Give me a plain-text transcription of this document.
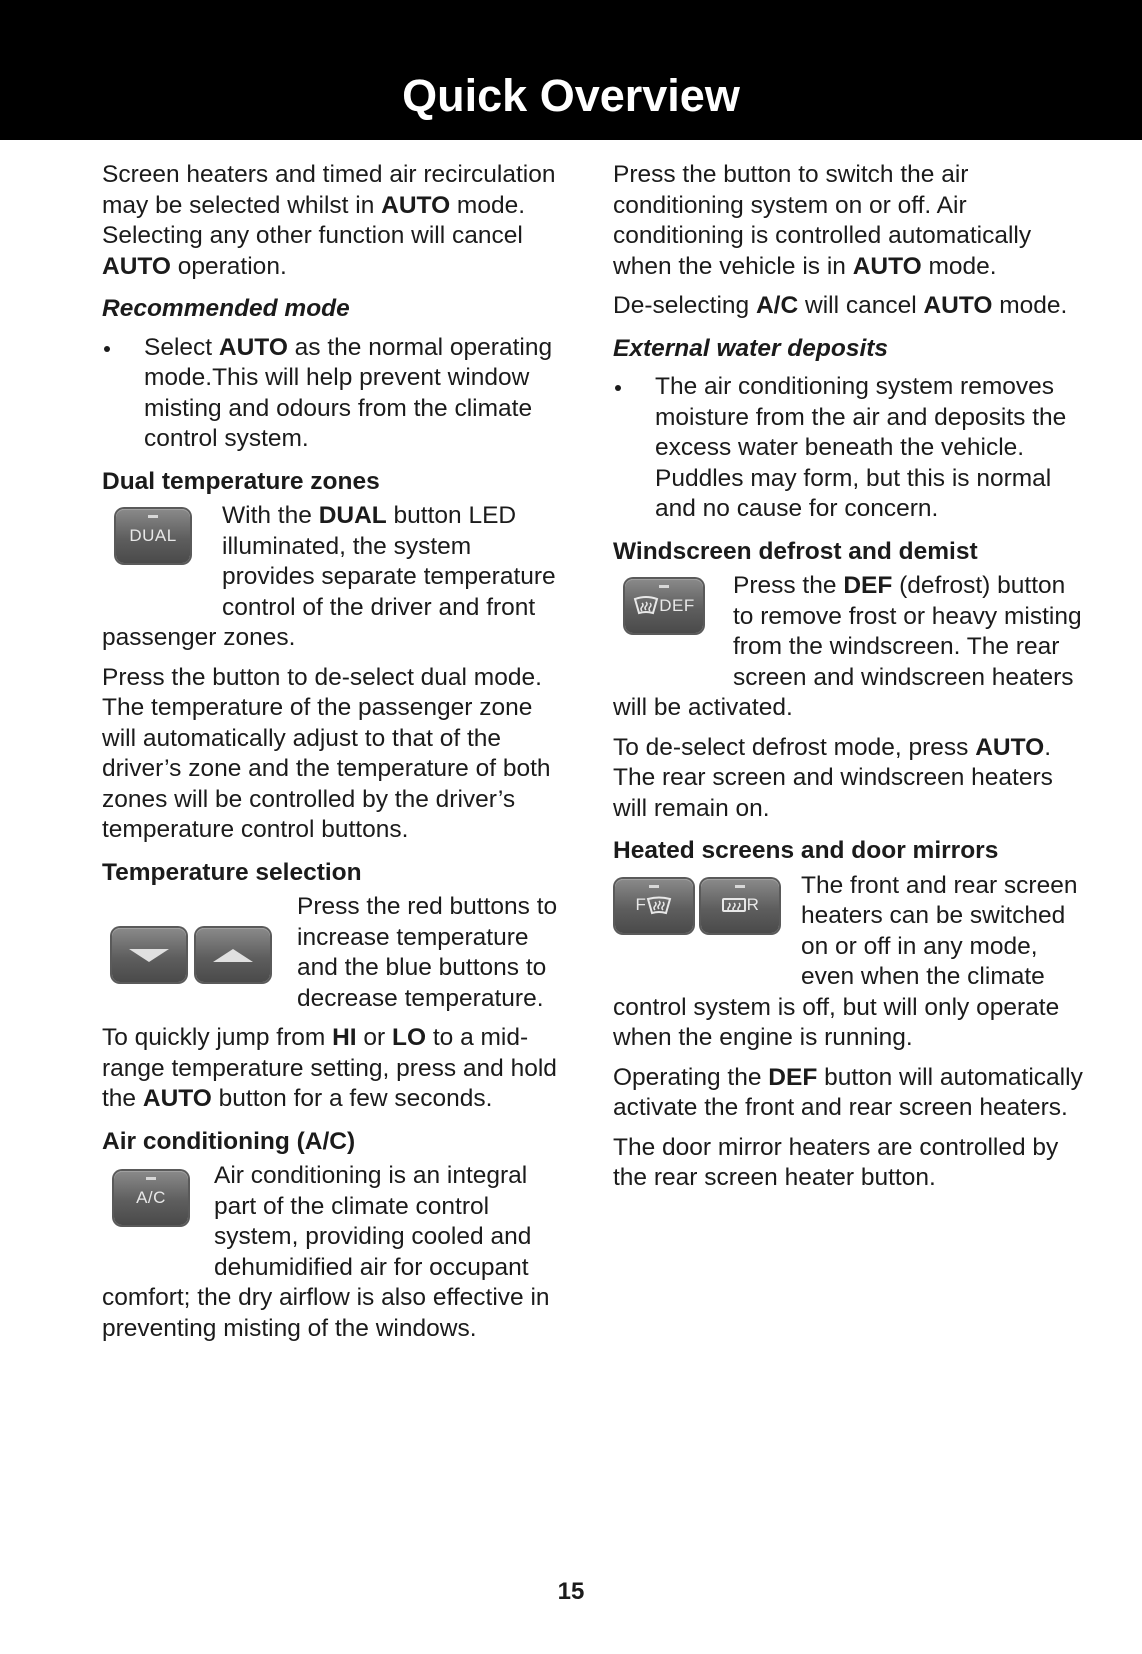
Quick Overview

Screen heaters and timed air recirculation may be selected whilst in AUTO mode. Selecting any other function will cancel AUTO operation.

Recommended mode

Select AUTO as the normal operating mode.This will help prevent window misting and odours from the climate control system.

Dual temperature zones

DUAL

With the DUAL button LED illuminated, the system provides separate temperature control of the driver and front passenger zones.

Press the button to de-select dual mode. The temperature of the passenger zone will automatically adjust to that of the driver’s zone and the temperature of both zones will be controlled by the driver’s temperature control buttons.

Temperature selection

Press the red buttons to increase temperature and the blue buttons to decrease temperature.

To quickly jump from HI or LO to a mid-range temperature setting, press and hold the AUTO button for a few seconds.

Air conditioning (A/C)

A/C

Air conditioning is an integral part of the climate control system, providing cooled and dehumidified air for occupant comfort; the dry airflow is also effective in preventing misting of the windows.

Press the button to switch the air conditioning system on or off. Air conditioning is controlled automatically when the vehicle is in AUTO mode.

De-selecting A/C will cancel AUTO mode.

External water deposits

The air conditioning system removes moisture from the air and deposits the excess water beneath the vehicle. Puddles may form, but this is normal and no cause for concern.

Windscreen defrost and demist

DEF

Press the DEF (defrost) button to remove frost or heavy misting from the windscreen. The rear screen and windscreen heaters will be activated.

To de-select defrost mode, press AUTO. The rear screen and windscreen heaters will remain on.

Heated screens and door mirrors

F	R

The front and rear screen heaters can be switched on or off in any mode, even when the climate control system is off, but will only operate when the engine is running.

Operating the DEF button will automatically activate the front and rear screen heaters.

The door mirror heaters are controlled by the rear screen heater button.

15
